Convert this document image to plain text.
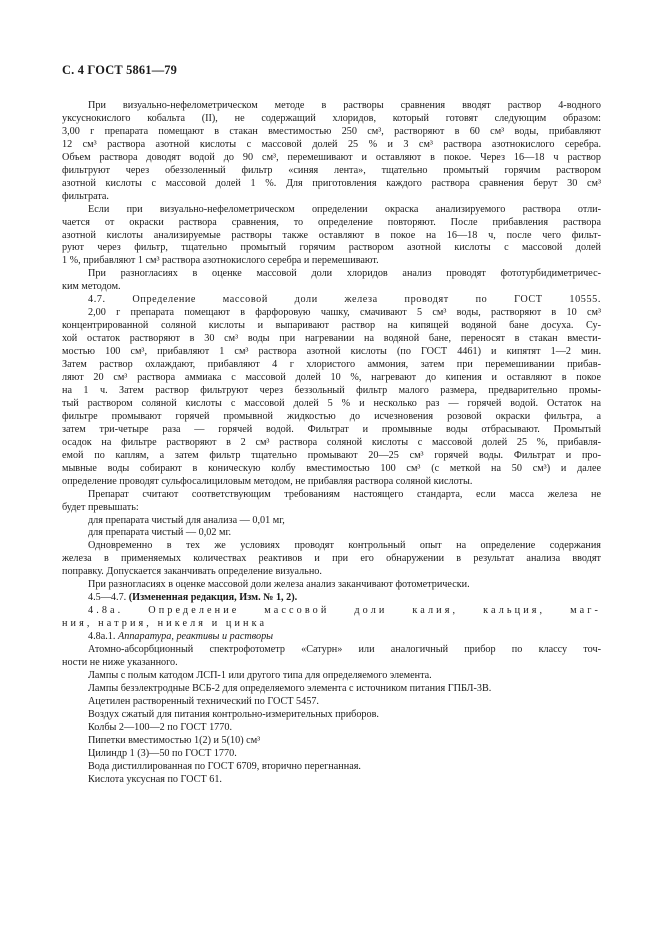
С. 4 ГОСТ 5861—79
При визуально-нефелометрическом методе в растворы сравнения вводят раствор 4-водного
уксуснокислого кобальта (II), не содержащий хлоридов, который готовят следующим образом:
3,00 г препарата помещают в стакан вместимостью 250 см³, растворяют в 60 см³ воды, прибавляют
12 см³ раствора азотной кислоты с массовой долей 25 % и 3 см³ раствора азотнокислого серебра.
Объем раствора доводят водой до 90 см³, перемешивают и оставляют в покое. Через 16—18 ч раствор
фильтруют через обеззоленный фильтр «синяя лента», тщательно промытый горячим раствором
азотной кислоты с массовой долей 1 %. Для приготовления каждого раствора сравнения берут 30 см³
фильтрата.
Если при визуально-нефелометрическом определении окраска анализируемого раствора отли-
чается от окраски раствора сравнения, то определение повторяют. После прибавления раствора
азотной кислоты анализируемые растворы также оставляют в покое на 16—18 ч, после чего фильт-
руют через фильтр, тщательно промытый горячим раствором азотной кислоты с массовой долей
1 %, прибавляют 1 см³ раствора азотнокислого серебра и перемешивают.
При разногласиях в оценке массовой доли хлоридов анализ проводят фототурбидиметричес-
ким методом.
4.7. Определение массовой доли железа проводят по ГОСТ 10555.
2,00 г препарата помещают в фарфоровую чашку, смачивают 5 см³ воды, растворяют в 10 см³
концентрированной соляной кислоты и выпаривают раствор на кипящей водяной бане досуха. Су-
хой остаток растворяют в 30 см³ воды при нагревании на водяной бане, переносят в стакан вмести-
мостью 100 см³, прибавляют 1 см³ раствора азотной кислоты (по ГОСТ 4461) и кипятят 1—2 мин.
Затем раствор охлаждают, прибавляют 4 г хлористого аммония, затем при перемешивании прибав-
ляют 20 см³ раствора аммиака с массовой долей 10 %, нагревают до кипения и оставляют в покое
на 1 ч. Затем раствор фильтруют через беззольный фильтр малого размера, предварительно промы-
тый раствором соляной кислоты с массовой долей 5 % и несколько раз — горячей водой. Остаток на
фильтре промывают горячей промывной жидкостью до исчезновения розовой окраски фильтра, а
затем три-четыре раза — горячей водой. Фильтрат и промывные воды отбрасывают. Промытый
осадок на фильтре растворяют в 2 см³ раствора соляной кислоты с массовой долей 25 %, прибавля-
емой по каплям, а затем фильтр тщательно промывают 20—25 см³ горячей воды. Фильтрат и про-
мывные воды собирают в коническую колбу вместимостью 100 см³ (с меткой на 50 см³) и далее
определение проводят сульфосалициловым методом, не прибавляя раствора соляной кислоты.
Препарат считают соответствующим требованиям настоящего стандарта, если масса железа не
будет превышать:
для препарата чистый для анализа — 0,01 мг,
для препарата чистый — 0,02 мг.
Одновременно в тех же условиях проводят контрольный опыт на определение содержания
железа в применяемых количествах реактивов и при его обнаружении в результат анализа вводят
поправку. Допускается заканчивать определение визуально.
При разногласиях в оценке массовой доли железа анализ заканчивают фотометрически.
4.5—4.7. (Измененная редакция, Изм. № 1, 2).
4.8а. Определение массовой доли калия, кальция, маг-
ния, натрия, никеля и цинка
4.8а.1. Аппаратура, реактивы и растворы
Атомно-абсорбционный спектрофотометр «Сатурн» или аналогичный прибор по классу точ-
ности не ниже указанного.
Лампы с полым катодом ЛСП-1 или другого типа для определяемого элемента.
Лампы безэлектродные ВСБ-2 для определяемого элемента с источником питания ГПБЛ-3В.
Ацетилен растворенный технический по ГОСТ 5457.
Воздух сжатый для питания контрольно-измерительных приборов.
Колбы 2—100—2 по ГОСТ 1770.
Пипетки вместимостью 1(2) и 5(10) см³
Цилиндр 1 (3)—50 по ГОСТ 1770.
Вода дистиллированная по ГОСТ 6709, вторично перегнанная.
Кислота уксусная по ГОСТ 61.
